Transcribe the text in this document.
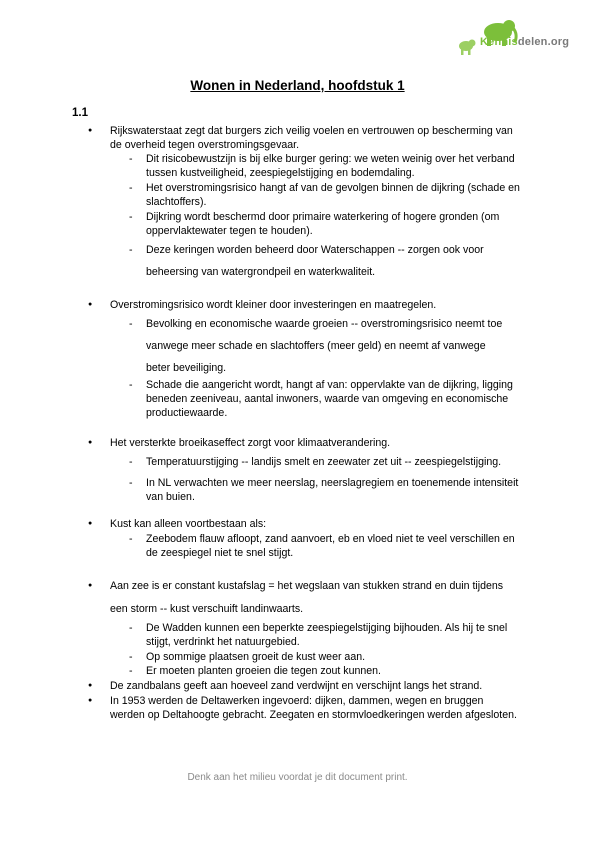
Kennisdelen.org
Wonen in Nederland, hoofdstuk 1
1.1
● Rijkswaterstaat zegt dat burgers zich veilig voelen en vertrouwen op bescherming van de overheid tegen overstromingsgevaar.
- Dit risicobewustzijn is bij elke burger gering: we weten weinig over het verband tussen kustveiligheid, zeespiegelstijging en bodemdaling.
- Het overstromingsrisico hangt af van de gevolgen binnen de dijkring (schade en slachtoffers).
- Dijkring wordt beschermd door primaire waterkering of hogere gronden (om oppervlaktewater tegen te houden).
- Deze keringen worden beheerd door Waterschappen -- zorgen ook voor
beheersing van watergrondpeil en waterkwaliteit.
● Overstromingsrisico wordt kleiner door investeringen en maatregelen.
- Bevolking en economische waarde groeien -- overstromingsrisico neemt toe
vanwege meer schade en slachtoffers (meer geld) en neemt af vanwege
beter beveiliging.
- Schade die aangericht wordt, hangt af van: oppervlakte van de dijkring, ligging beneden zeeniveau, aantal inwoners, waarde van omgeving en economische productiewaarde.
● Het versterkte broeikaseffect zorgt voor klimaatverandering.
- Temperatuurstijging -- landijs smelt en zeewater zet uit -- zeespiegelstijging.
- In NL verwachten we meer neerslag, neerslagregiem en toenemende intensiteit van buien.
● Kust kan alleen voortbestaan als:
- Zeebodem flauw afloopt, zand aanvoert, eb en vloed niet te veel verschillen en de zeespiegel niet te snel stijgt.
● Aan zee is er constant kustafslag = het wegslaan van stukken strand en duin tijdens
een storm -- kust verschuift landinwaarts.
- De Wadden kunnen een beperkte zeespiegelstijging bijhouden. Als hij te snel stijgt, verdrinkt het natuurgebied.
- Op sommige plaatsen groeit de kust weer aan.
- Er moeten planten groeien die tegen zout kunnen.
● De zandbalans geeft aan hoeveel zand verdwijnt en verschijnt langs het strand.
● In 1953 werden de Deltawerken ingevoerd: dijken, dammen, wegen en bruggen werden op Deltahoogte gebracht. Zeegaten en stormvloedkeringen werden afgesloten.
Denk aan het milieu voordat je dit document print.
